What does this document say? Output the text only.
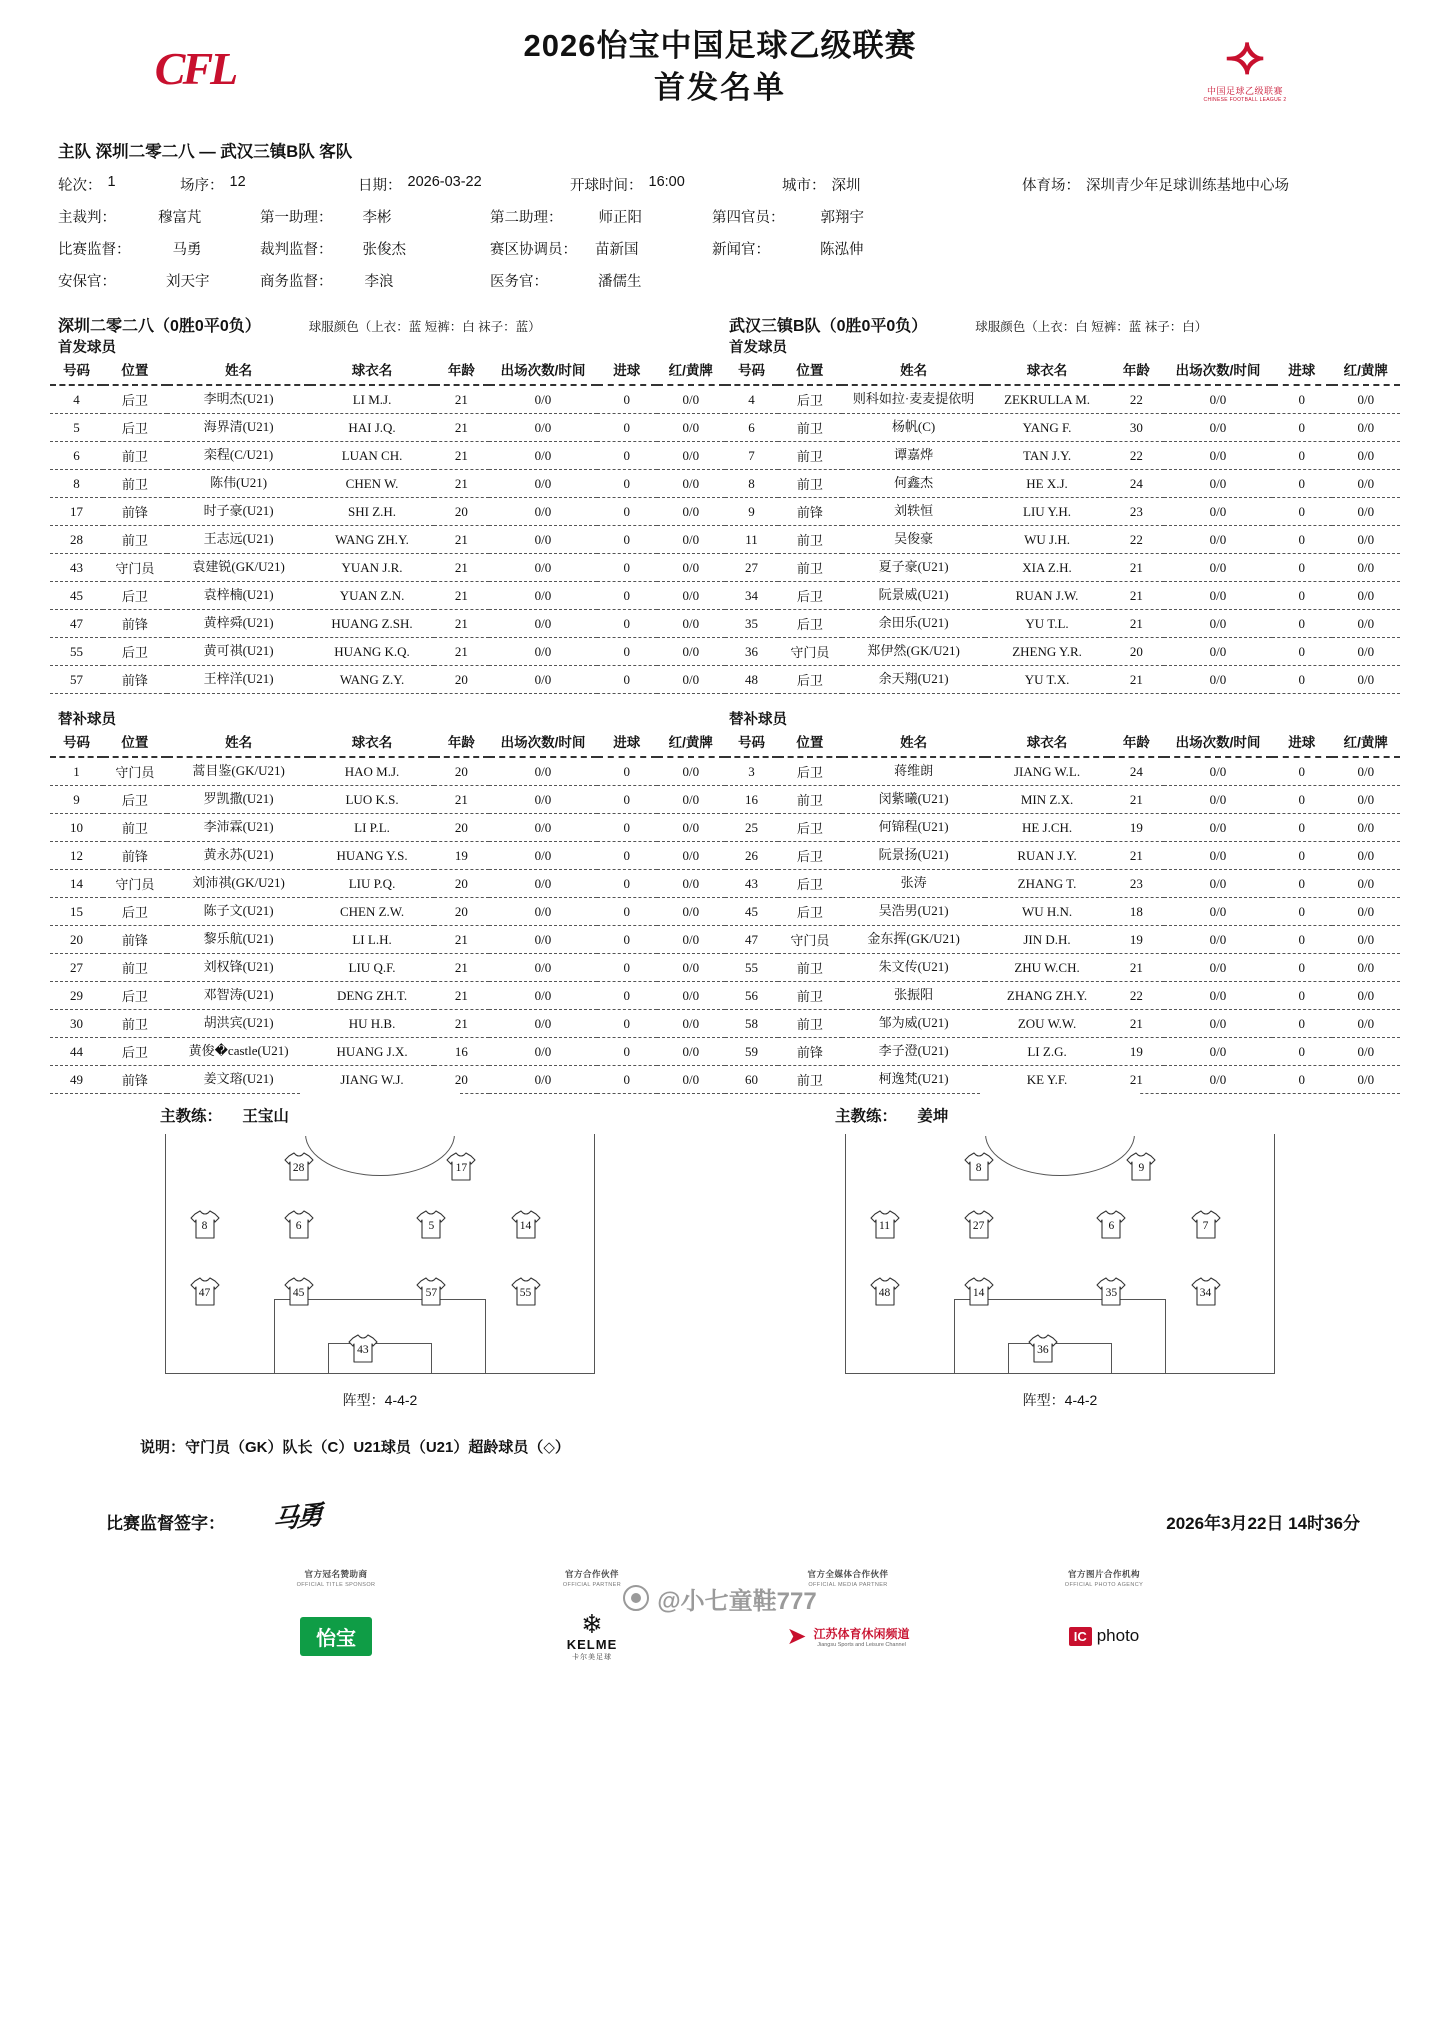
CFL	2026怡宝中国足球乙级联赛
首发名单
⟢
中国足球乙级联赛
CHINESE FOOTBALL LEAGUE 2
主队 深圳二零二八 — 武汉三镇B队 客队
轮次： 1	场序： 12	日期： 2026-03-22	开球时间： 16:00	城市： 深圳	体育场： 深圳青少年足球训练基地中心场
主裁判：	穆富芃	第一助理： 李彬	第二助理： 师正阳	第四官员： 郭翔宇
比赛监督：	马勇	裁判监督： 张俊杰	赛区协调员： 苗新国	新闻官：	陈泓伸
安保官：	刘天宇	商务监督： 李浪	医务官：	潘儒生
深圳二零二八 （0胜0平0负）	球服颜色（上衣：蓝 短裤：白 袜子：蓝）	武汉三镇B队 （0胜0平0负）	球服颜色（上衣：白 短裤：蓝 袜子：白）
首发球员	首发球员
号码	位置	姓名	球衣名	年龄	出场次数/时间	进球	红/黄牌
4	后卫	李明杰(U21)	LI M.J.	21	0/0	0	0/0
5	后卫	海界清(U21)	HAI J.Q.	21	0/0	0	0/0
6	前卫	栾程(C/U21)	LUAN CH.	21	0/0	0	0/0
8	前卫	陈伟(U21)	CHEN W.	21	0/0	0	0/0
17	前锋	时子豪(U21)	SHI Z.H.	20	0/0	0	0/0
28	前卫	王志远(U21)	WANG ZH.Y.	21	0/0	0	0/0
43	守门员	袁建锐(GK/U21)	YUAN J.R.	21	0/0	0	0/0
45	后卫	袁梓楠(U21)	YUAN Z.N.	21	0/0	0	0/0
47	前锋	黄梓舜(U21)	HUANG Z.SH.	21	0/0	0	0/0
55	后卫	黄可祺(U21)	HUANG K.Q.	21	0/0	0	0/0
57	前锋	王梓洋(U21)	WANG Z.Y.	20	0/0	0	0/0
号码	位置	姓名	球衣名	年龄	出场次数/时间	进球	红/黄牌
4	后卫	则科如拉·麦麦提依明	ZEKRULLA M.	22	0/0	0	0/0
6	前卫	杨帆(C)	YANG F.	30	0/0	0	0/0
7	前卫	谭嘉烨	TAN J.Y.	22	0/0	0	0/0
8	前卫	何鑫杰	HE X.J.	24	0/0	0	0/0
9	前锋	刘轶恒	LIU Y.H.	23	0/0	0	0/0
11	前卫	吴俊豪	WU J.H.	22	0/0	0	0/0
27	前卫	夏子豪(U21)	XIA Z.H.	21	0/0	0	0/0
34	后卫	阮景威(U21)	RUAN J.W.	21	0/0	0	0/0
35	后卫	余田乐(U21)	YU T.L.	21	0/0	0	0/0
36	守门员	郑伊然(GK/U21)	ZHENG Y.R.	20	0/0	0	0/0
48	后卫	余天翔(U21)	YU T.X.	21	0/0	0	0/0
替补球员	替补球员
号码	位置	姓名	球衣名	年龄	出场次数/时间	进球	红/黄牌
1	守门员	蒿目鉴(GK/U21)	HAO M.J.	20	0/0	0	0/0
9	后卫	罗凯撒(U21)	LUO K.S.	21	0/0	0	0/0
10	前卫	李沛霖(U21)	LI P.L.	20	0/0	0	0/0
12	前锋	黄永苏(U21)	HUANG Y.S.	19	0/0	0	0/0
14	守门员	刘沛祺(GK/U21)	LIU P.Q.	20	0/0	0	0/0
15	后卫	陈子文(U21)	CHEN Z.W.	20	0/0	0	0/0
20	前锋	黎乐航(U21)	LI L.H.	21	0/0	0	0/0
27	前卫	刘权锋(U21)	LIU Q.F.	21	0/0	0	0/0
29	后卫	邓智涛(U21)	DENG ZH.T.	21	0/0	0	0/0
30	前卫	胡洪宾(U21)	HU H.B.	21	0/0	0	0/0
44	后卫	黄俊�castle(U21)	HUANG J.X.	16	0/0	0	0/0
49	前锋	姜文瑢(U21)	JIANG W.J.	20	0/0	0	0/0
号码	位置	姓名	球衣名	年龄	出场次数/时间	进球	红/黄牌
3	后卫	蒋维朗	JIANG W.L.	24	0/0	0	0/0
16	前卫	闵紫曦(U21)	MIN Z.X.	21	0/0	0	0/0
25	后卫	何锦程(U21)	HE J.CH.	19	0/0	0	0/0
26	后卫	阮景扬(U21)	RUAN J.Y.	21	0/0	0	0/0
43	后卫	张涛	ZHANG T.	23	0/0	0	0/0
45	后卫	吴浩男(U21)	WU H.N.	18	0/0	0	0/0
47	守门员	金东挥(GK/U21)	JIN D.H.	19	0/0	0	0/0
55	前卫	朱文传(U21)	ZHU W.CH.	21	0/0	0	0/0
56	前卫	张振阳	ZHANG ZH.Y.	22	0/0	0	0/0
58	前卫	邹为威(U21)	ZOU W.W.	21	0/0	0	0/0
59	前锋	李子澄(U21)	LI Z.G.	19	0/0	0	0/0
60	前卫	柯逸梵(U21)	KE Y.F.	21	0/0	0	0/0
主教练： 王宝山	主教练： 姜坤
28	17
8	6	5	14
47	45	57	55
43
阵型：4-4-2
8	9
11	27	6	7
48	14	35	34
36
阵型：4-4-2
说明：守门员（GK）队长（C）U21球员（U21）超龄球员（◇）
比赛监督签字： 马勇	2026年3月22日 14时36分
官方冠名赞助商
OFFICIAL TITLE SPONSOR
怡宝
官方合作伙伴
OFFICIAL PARTNER
❄
KELME
卡尔美足球
官方全媒体合作伙伴
OFFICIAL MEDIA PARTNER
➤ 江苏体育休闲频道
Jiangsu Sports and Leisure Channel
官方图片合作机构
OFFICIAL PHOTO AGENCY
IC photo
@小七童鞋777
